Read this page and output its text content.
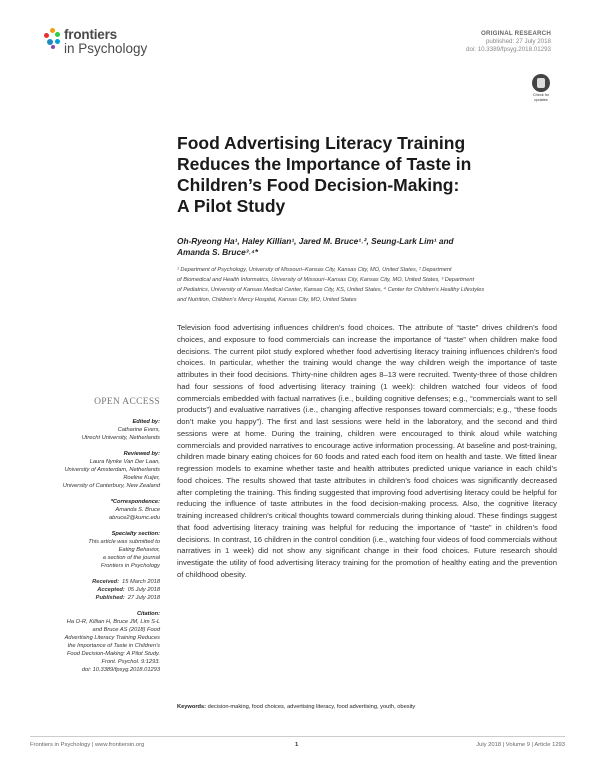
frontiers
in Psychology
ORIGINAL RESEARCH
published: 27 July 2018
doi: 10.3389/fpsyg.2018.01293
Check for
updates
Food Advertising Literacy Training
Reduces the Importance of Taste in
Children’s Food Decision-Making:
A Pilot Study
Oh-Ryeong Ha¹, Haley Killian¹, Jared M. Bruce¹˒², Seung-Lark Lim¹ and
Amanda S. Bruce³˒⁴*
¹ Department of Psychology, University of Missouri–Kansas City, Kansas City, MO, United States, ² Department
of Biomedical and Health Informatics, University of Missouri–Kansas City, Kansas City, MO, United States, ³ Department
of Pediatrics, University of Kansas Medical Center, Kansas City, KS, United States, ⁴ Center for Children’s Healthy Lifestyles
and Nutrition, Children’s Mercy Hospital, Kansas City, MO, United States
Television food advertising influences children’s food choices. The attribute of “taste” drives children’s food choices, and exposure to food commercials can increase the importance of “taste” when children make food decisions. The current pilot study explored whether food advertising literacy training influences children’s food choices. In particular, whether the training would change the way children weigh the importance of taste attributes in their food decisions. Thirty-nine children ages 8–13 were recruited. Twenty-three of those children had four sessions of food advertising literacy training (1 week): children watched four videos of food commercials embedded with factual narratives (i.e., building cognitive defenses; e.g., “commercials want to sell products”) and evaluative narratives (i.e., changing affective responses toward commercials; e.g., “these foods don’t make you happy”). The first and last sessions were held in the laboratory, and the second and third sessions were at home. During the training, children were encouraged to think aloud while watching commercials and provided narratives to encourage active information processing. At baseline and post-training, children made binary eating choices for 60 foods and rated each food item on health and taste. We fitted linear regression models to examine whether taste and health attributes predicted unique variance in each child’s food choices. The results showed that taste attributes in children’s food choices was significantly decreased after completing the training. This finding suggested that improving food advertising literacy could be helpful for reducing the influence of taste attributes in the food decision-making process. Also, the cognitive literacy training increased children’s critical thoughts toward commercials during thinking aloud. These findings suggest that food advertising literacy training was helpful for reducing the importance of “taste” in children’s food decisions. In contrast, 16 children in the control condition (i.e., watching four videos of food commercials without narratives in 1 week) did not show any significant change in their food choices. Future research should investigate the utility of food advertising literacy training for the promotion of healthy eating and the prevention of childhood obesity.
Keywords: decision-making, food choices, advertising literacy, food advertising, youth, obesity
OPEN ACCESS
Edited by:
Catharine Evers,
Utrecht University, Netherlands
Reviewed by:
Laura Nynke Van Der Laan,
University of Amsterdam, Netherlands
Roeline Kuijer,
University of Canterbury, New Zealand
*Correspondence:
Amanda S. Bruce
abruce2@kumc.edu
Specialty section:
This article was submitted to
Eating Behavior,
a section of the journal
Frontiers in Psychology
Received: 15 March 2018
Accepted: 05 July 2018
Published: 27 July 2018
Citation:
Ha O-R, Killian H, Bruce JM, Lim S-L
and Bruce AS (2018) Food
Advertising Literacy Training Reduces
the Importance of Taste in Children’s
Food Decision-Making: A Pilot Study.
Front. Psychol. 9:1293.
doi: 10.3389/fpsyg.2018.01293
Frontiers in Psychology | www.frontiersin.org	1	July 2018 | Volume 9 | Article 1293
